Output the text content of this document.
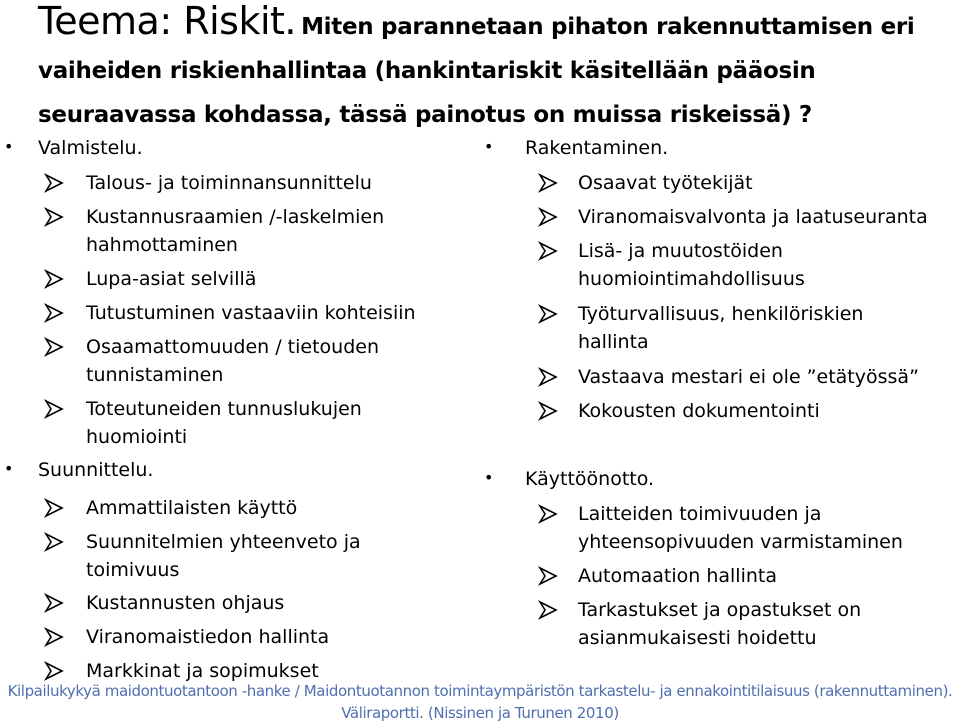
Teema: Riskit. Miten parannetaan pihaton rakennuttamisen eri vaiheiden riskienhallintaa (hankintariskit käsitellään pääosin seuraavassa kohdassa, tässä painotus on muissa riskeissä) ?
• Valmistelu.
Talous- ja toiminnansunnittelu
Kustannusraamien /-laskelmien hahmottaminen
Lupa-asiat selvillä
Tutustuminen vastaaviin kohteisiin
Osaamattomuuden / tietouden tunnistaminen
Toteutuneiden tunnuslukujen huomiointi
• Suunnittelu.
Ammattilaisten käyttö
Suunnitelmien yhteenveto ja toimivuus
Kustannusten ohjaus
Viranomaistiedon hallinta
Markkinat ja sopimukset
• Rakentaminen.
Osaavat työtekijät
Viranomaisvalvonta ja laatuseuranta
Lisä- ja muutostöiden huomiointimahdollisuus
Työturvallisuus, henkilöriskien hallinta
Vastaava mestari ei ole ”etätyössä”
Kokousten dokumentointi
• Käyttöönotto.
Laitteiden toimivuuden ja yhteensopivuuden varmistaminen
Automaation hallinta
Tarkastukset ja opastukset on asianmukaisesti hoidettu
Kilpailukykyä maidontuotantoon -hanke / Maidontuotannon toimintaympäristön tarkastelu- ja ennakointitilaisuus (rakennuttaminen).
Väliraportti. (Nissinen ja Turunen 2010)
